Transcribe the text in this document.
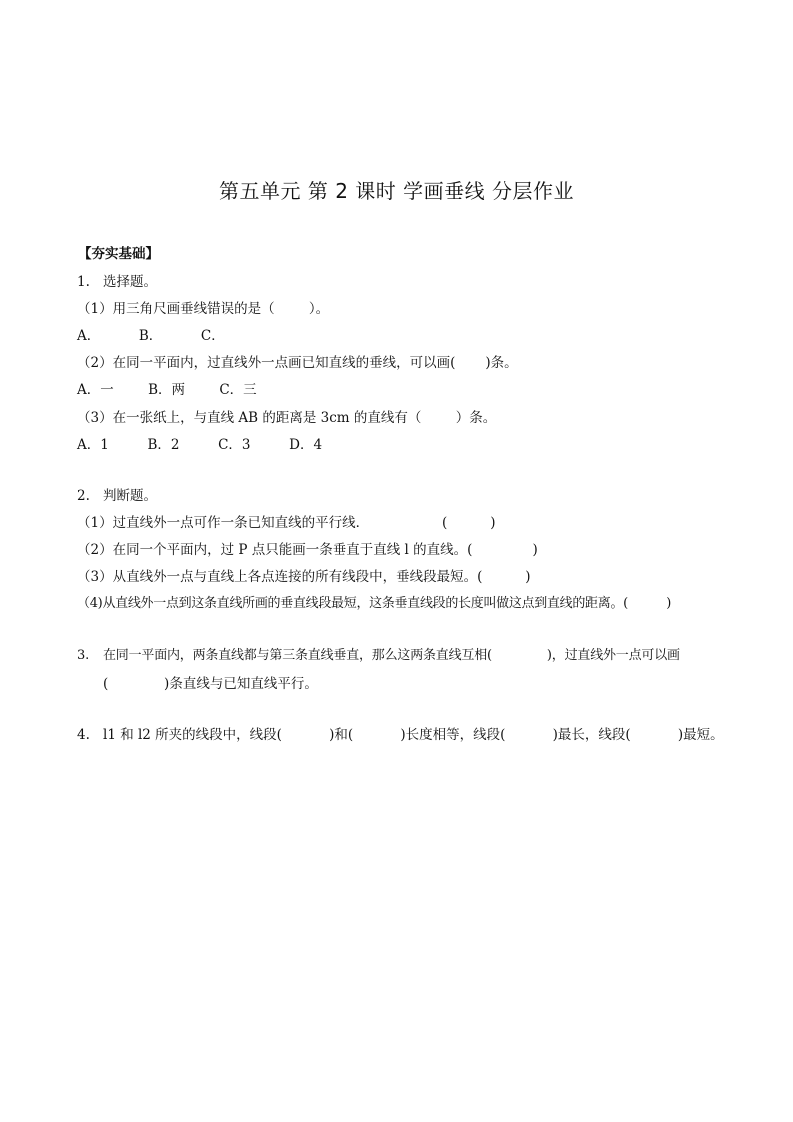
第五单元 第 2 课时 学画垂线 分层作业
【夯实基础】
1. 选择题。
（1）用三角尺画垂线错误的是（        ）。
A．         B．         C．
（2）在同一平面内，过直线外一点画已知直线的垂线，可以画(       )条。
A．一        B．两        C．三
（3）在一张纸上，与直线 AB 的距离是 3cm 的直线有（        ）条。
A．1         B．2         C．3         D．4
2. 判断题。
（1）过直线外一点可作一条已知直线的平行线．                 (          )
（2）在同一个平面内，过 P 点只能画一条垂直于直线 l 的直线。(              )
（3）从直线外一点与直线上各点连接的所有线段中，垂线段最短。(          )
（4)从直线外一点到这条直线所画的垂直线段最短，这条垂直线段的长度叫做这点到直线的距离。(          )
3. 在同一平面内，两条直线都与第三条直线垂直，那么这两条直线互相(              )，过直线外一点可以画
(             )条直线与已知直线平行。
4. l1 和 l2 所夹的线段中，线段(           )和(           )长度相等，线段(           )最长，线段(           )最短。
